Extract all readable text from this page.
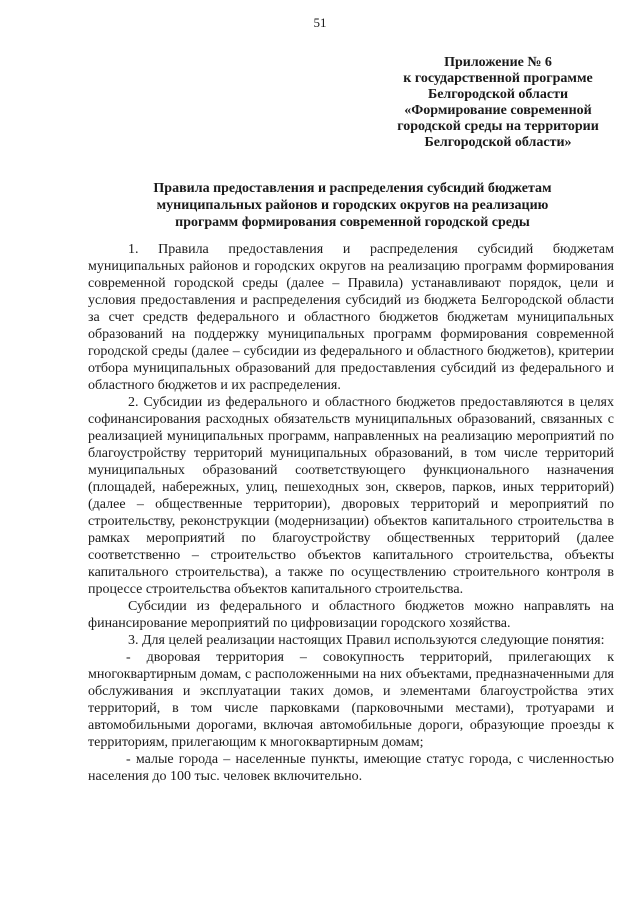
51
Приложение № 6
к государственной программе
Белгородской области
«Формирование современной
городской среды на территории
Белгородской области»
Правила предоставления и распределения субсидий бюджетам
муниципальных районов и городских округов на реализацию
программ формирования современной городской среды

1. Правила предоставления и распределения субсидий бюджетам муниципальных районов и городских округов на реализацию программ формирования современной городской среды (далее – Правила) устанавливают порядок, цели и условия предоставления и распределения субсидий из бюджета Белгородской области за счет средств федерального и областного бюджетов бюджетам муниципальных образований на поддержку муниципальных программ формирования современной городской среды (далее – субсидии из федерального и областного бюджетов), критерии отбора муниципальных образований для предоставления субсидий из федерального и областного бюджетов и их распределения.

2. Субсидии из федерального и областного бюджетов предоставляются в целях софинансирования расходных обязательств муниципальных образований, связанных с реализацией муниципальных программ, направленных на реализацию мероприятий по благоустройству территорий муниципальных образований, в том числе территорий муниципальных образований соответствующего функционального назначения (площадей, набережных, улиц, пешеходных зон, скверов, парков, иных территорий) (далее – общественные территории), дворовых территорий и мероприятий по строительству, реконструкции (модернизации) объектов капитального строительства в рамках мероприятий по благоустройству общественных территорий (далее соответственно – строительство объектов капитального строительства, объекты капитального строительства), а также по осуществлению строительного контроля в процессе строительства объектов капитального строительства.

Субсидии из федерального и областного бюджетов можно направлять на финансирование мероприятий по цифровизации городского хозяйства.

3. Для целей реализации настоящих Правил используются следующие понятия:

- дворовая территория – совокупность территорий, прилегающих к многоквартирным домам, с расположенными на них объектами, предназначенными для обслуживания и эксплуатации таких домов, и элементами благоустройства этих территорий, в том числе парковками (парковочными местами), тротуарами и автомобильными дорогами, включая автомобильные дороги, образующие проезды к территориям, прилегающим к многоквартирным домам;

- малые города – населенные пункты, имеющие статус города, с численностью населения до 100 тыс. человек включительно.
